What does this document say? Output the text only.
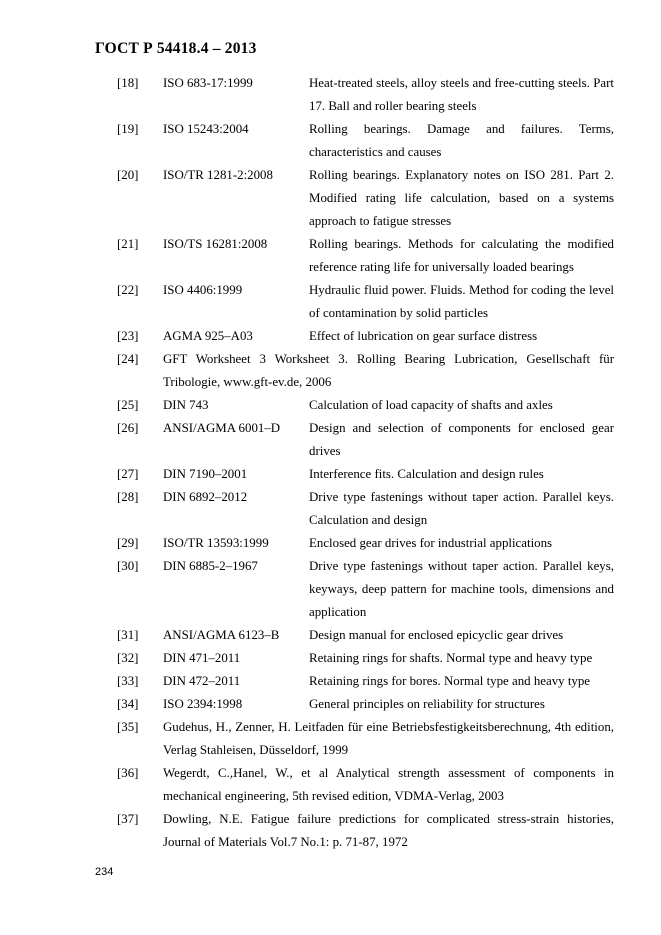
ГОСТ Р 54418.4 – 2013
[18]	ISO 683-17:1999	Heat-treated steels, alloy steels and free-cutting steels. Part 17. Ball and roller bearing steels
[19]	ISO 15243:2004	Rolling bearings. Damage and failures. Terms, characteristics and causes
[20]	ISO/TR 1281-2:2008	Rolling bearings. Explanatory notes on ISO 281. Part 2. Modified rating life calculation, based on a systems approach to fatigue stresses
[21]	ISO/TS 16281:2008	Rolling bearings. Methods for calculating the modified reference rating life for universally loaded bearings
[22]	ISO 4406:1999	Hydraulic fluid power. Fluids. Method for coding the level of contamination by solid particles
[23]	AGMA 925–A03	Effect of lubrication on gear surface distress
[24]	GFT Worksheet 3 Worksheet 3. Rolling Bearing Lubrication, Gesellschaft für Tribologie, www.gft-ev.de, 2006
[25]	DIN 743	Calculation of load capacity of shafts and axles
[26]	ANSI/AGMA 6001–D	Design and selection of components for enclosed gear drives
[27]	DIN 7190–2001	Interference fits. Calculation and design rules
[28]	DIN 6892–2012	Drive type fastenings without taper action. Parallel keys. Calculation and design
[29]	ISO/TR 13593:1999	Enclosed gear drives for industrial applications
[30]	DIN 6885-2–1967	Drive type fastenings without taper action. Parallel keys, keyways, deep pattern for machine tools, dimensions and application
[31]	ANSI/AGMA 6123–B	Design manual for enclosed epicyclic gear drives
[32]	DIN 471–2011	Retaining rings for shafts. Normal type and heavy type
[33]	DIN 472–2011	Retaining rings for bores. Normal type and heavy type
[34]	ISO 2394:1998	General principles on reliability for structures
[35]	Gudehus, H., Zenner, H. Leitfaden für eine Betriebsfestigkeitsberechnung, 4th edition, Verlag Stahleisen, Düsseldorf, 1999
[36]	Wegerdt, C.,Hanel, W., et al Analytical strength assessment of components in mechanical engineering, 5th revised edition, VDMA-Verlag, 2003
[37]	Dowling, N.E. Fatigue failure predictions for complicated stress-strain histories, Journal of Materials Vol.7 No.1: p. 71-87, 1972
234
